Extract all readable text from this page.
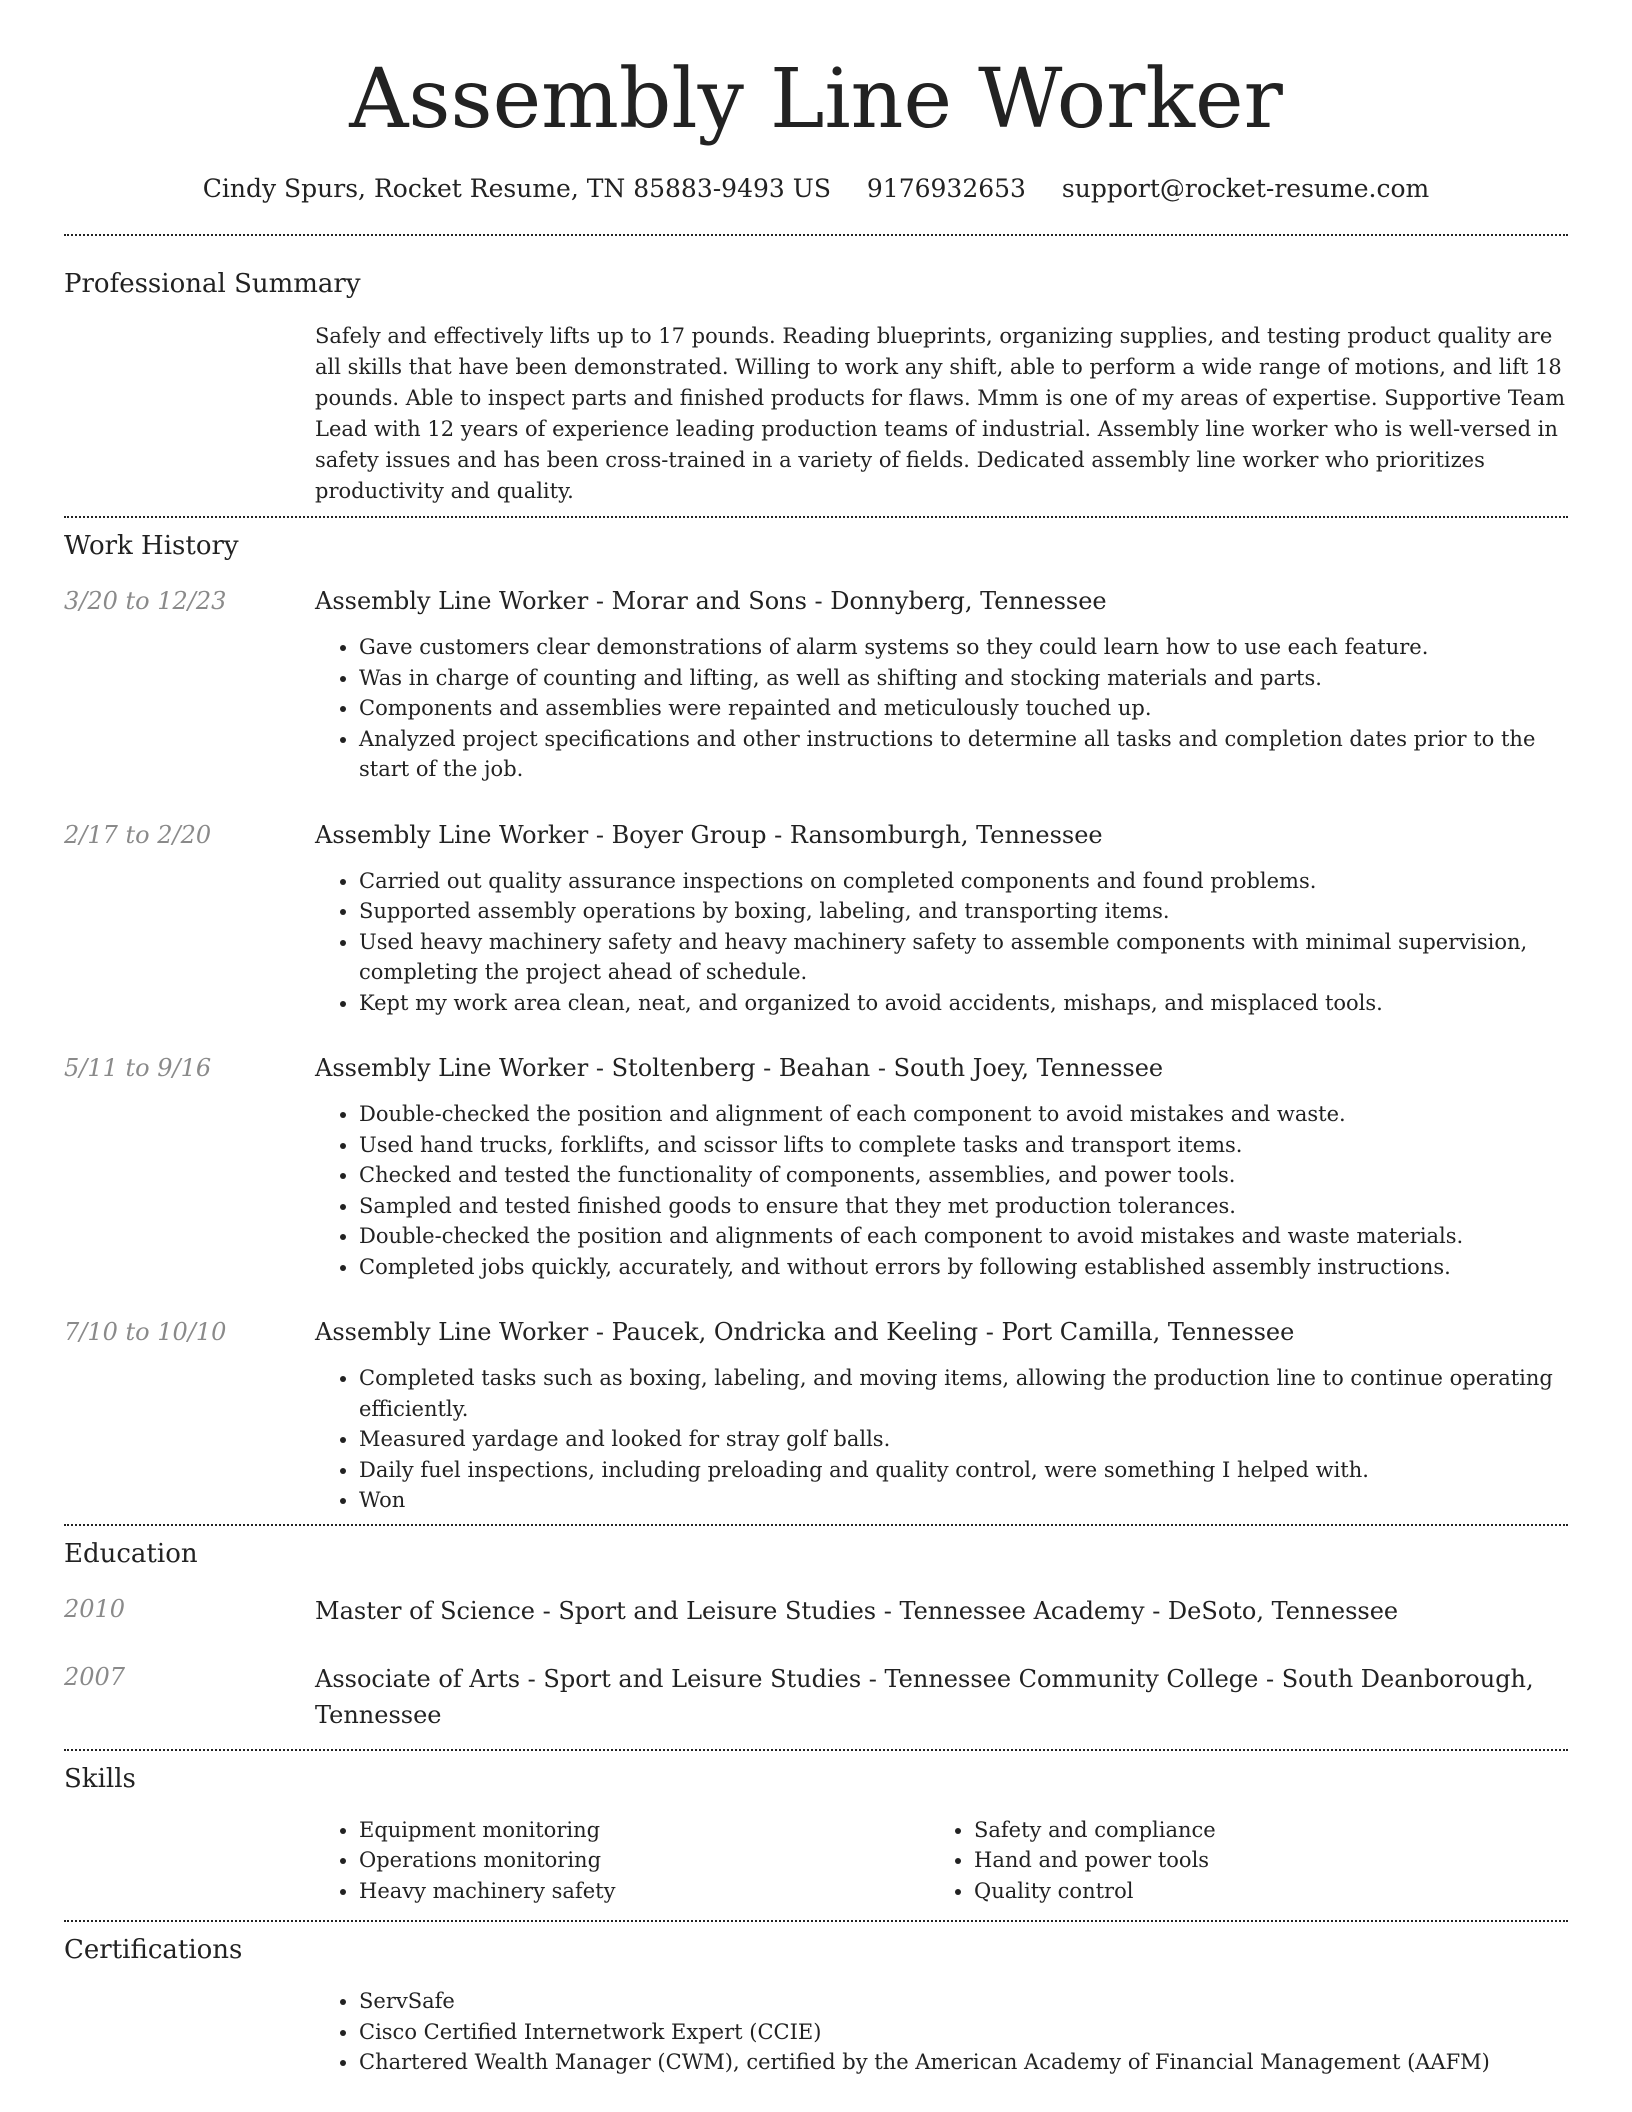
Assembly Line Worker
Cindy Spurs, Rocket Resume, TN 85883-9493 US 9176932653 support@rocket-resume.com
Professional Summary

Safely and effectively lifts up to 17 pounds. Reading blueprints, organizing supplies, and testing product quality are all skills that have been demonstrated. Willing to work any shift, able to perform a wide range of motions, and lift 18 pounds. Able to inspect parts and finished products for flaws. Mmm is one of my areas of expertise. Supportive Team Lead with 12 years of experience leading production teams of industrial. Assembly line worker who is well-versed in safety issues and has been cross-trained in a variety of fields. Dedicated assembly line worker who prioritizes productivity and quality.

Work History
3/20 to 12/23	Assembly Line Worker - Morar and Sons - Donnyberg, Tennessee
• Gave customers clear demonstrations of alarm systems so they could learn how to use each feature.
• Was in charge of counting and lifting, as well as shifting and stocking materials and parts.
• Components and assemblies were repainted and meticulously touched up.
• Analyzed project specifications and other instructions to determine all tasks and completion dates prior to the start of the job.
2/17 to 2/20	Assembly Line Worker - Boyer Group - Ransomburgh, Tennessee
• Carried out quality assurance inspections on completed components and found problems.
• Supported assembly operations by boxing, labeling, and transporting items.
• Used heavy machinery safety and heavy machinery safety to assemble components with minimal supervision, completing the project ahead of schedule.
• Kept my work area clean, neat, and organized to avoid accidents, mishaps, and misplaced tools.
5/11 to 9/16	Assembly Line Worker - Stoltenberg - Beahan - South Joey, Tennessee
• Double-checked the position and alignment of each component to avoid mistakes and waste.
• Used hand trucks, forklifts, and scissor lifts to complete tasks and transport items.
• Checked and tested the functionality of components, assemblies, and power tools.
• Sampled and tested finished goods to ensure that they met production tolerances.
• Double-checked the position and alignments of each component to avoid mistakes and waste materials.
• Completed jobs quickly, accurately, and without errors by following established assembly instructions.
7/10 to 10/10	Assembly Line Worker - Paucek, Ondricka and Keeling - Port Camilla, Tennessee
• Completed tasks such as boxing, labeling, and moving items, allowing the production line to continue operating efficiently.
• Measured yardage and looked for stray golf balls.
• Daily fuel inspections, including preloading and quality control, were something I helped with.
• Won
Education
2010	Master of Science - Sport and Leisure Studies - Tennessee Academy - DeSoto, Tennessee
2007	Associate of Arts - Sport and Leisure Studies - Tennessee Community College - South Deanborough, Tennessee
Skills
• Equipment monitoring
• Operations monitoring
• Heavy machinery safety
• Safety and compliance
• Hand and power tools
• Quality control
Certifications
• ServSafe
• Cisco Certified Internetwork Expert (CCIE)
• Chartered Wealth Manager (CWM), certified by the American Academy of Financial Management (AAFM)
